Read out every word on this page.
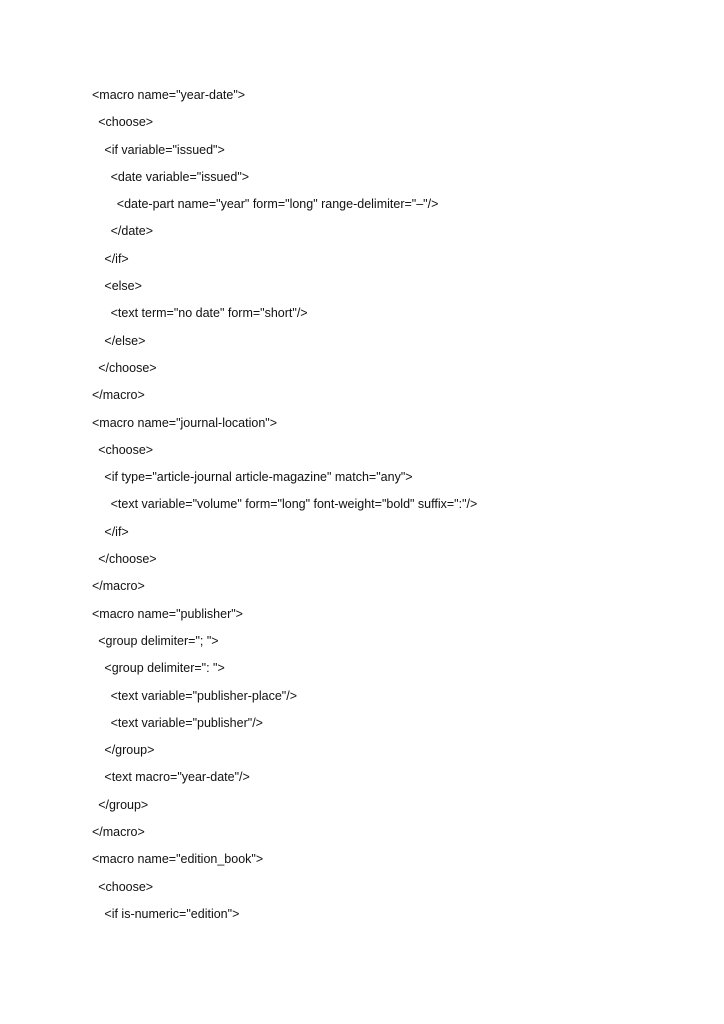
<macro name="year-date">
<choose>
<if variable="issued">
<date variable="issued">
<date-part name="year" form="long" range-delimiter="–"/>
</date>
</if>
<else>
<text term="no date" form="short"/>
</else>
</choose>
</macro>
<macro name="journal-location">
<choose>
<if type="article-journal article-magazine" match="any">
<text variable="volume" form="long" font-weight="bold" suffix=":"/>
</if>
</choose>
</macro>
<macro name="publisher">
<group delimiter="; ">
<group delimiter=": ">
<text variable="publisher-place"/>
<text variable="publisher"/>
</group>
<text macro="year-date"/>
</group>
</macro>
<macro name="edition_book">
<choose>
<if is-numeric="edition">
